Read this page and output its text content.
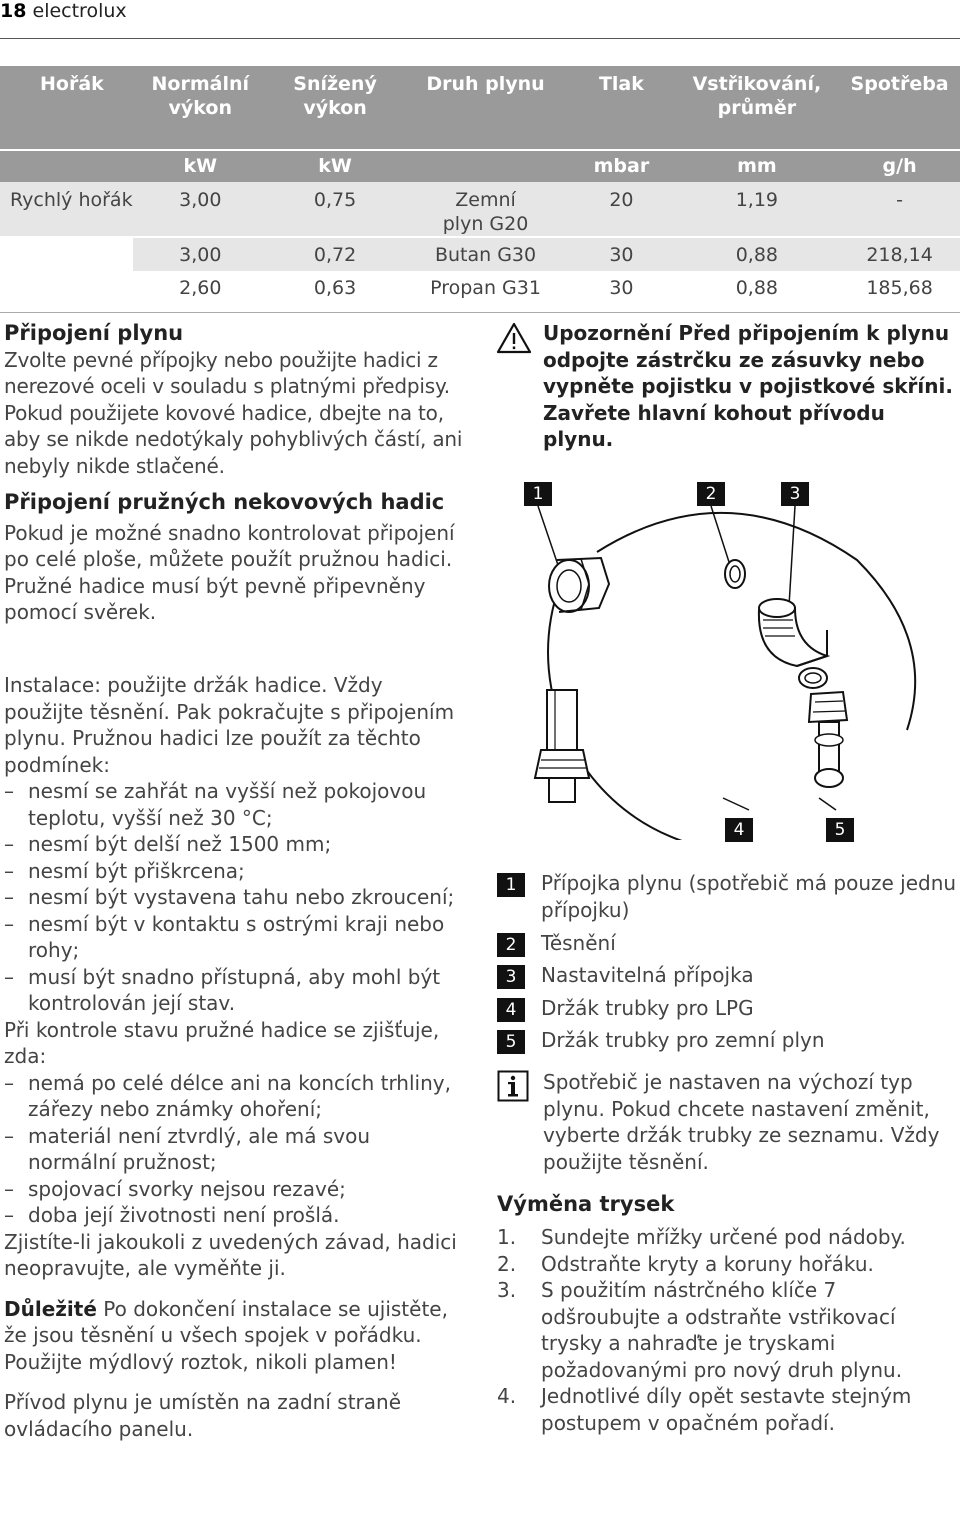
18 electrolux
Hořák	Normální výkon	Snížený výkon	Druh plynu	Tlak	Vstřikování, průměr	Spotřeba
	kW	kW		mbar	mm	g/h
Rychlý hořák	3,00	0,75	Zemní plyn G20	20	1,19	-
	3,00	0,72	Butan G30	30	0,88	218,14
	2,60	0,63	Propan G31	30	0,88	185,68
Připojení plynu
Zvolte pevné přípojky nebo použijte hadici z nerezové oceli v souladu s platnými předpisy. Pokud použijete kovové hadice, dbejte na to, aby se nikde nedotýkaly pohyblivých částí, ani nebyly nikde stlačené.
Připojení pružných nekovových hadic
Pokud je možné snadno kontrolovat připojení po celé ploše, můžete použít pružnou hadici. Pružné hadice musí být pevně připevněny pomocí svěrek.
Instalace: použijte držák hadice. Vždy použijte těsnění. Pak pokračujte s připojením plynu. Pružnou hadici lze použít za těchto podmínek:
– nesmí se zahřát na vyšší než pokojovou teplotu, vyšší než 30 °C;
– nesmí být delší než 1500 mm;
– nesmí být přiškrcena;
– nesmí být vystavena tahu nebo zkroucení;
– nesmí být v kontaktu s ostrými kraji nebo rohy;
– musí být snadno přístupná, aby mohl být kontrolován její stav.
Při kontrole stavu pružné hadice se zjišťuje, zda:
– nemá po celé délce ani na koncích trhliny, zářezy nebo známky ohoření;
– materiál není ztvrdlý, ale má svou normální pružnost;
– spojovací svorky nejsou rezavé;
– doba její životnosti není prošlá.
Zjistíte-li jakoukoli z uvedených závad, hadici neopravujte, ale vyměňte ji.
Důležité Po dokončení instalace se ujistěte, že jsou těsnění u všech spojek v pořádku. Použijte mýdlový roztok, nikoli plamen!
Přívod plynu je umístěn na zadní straně ovládacího panelu.
Upozornění Před připojením k plynu odpojte zástrčku ze zásuvky nebo vypněte pojistku v pojistkové skříni. Zavřete hlavní kohout přívodu plynu.
1	2	3
4	5
1 Přípojka plynu (spotřebič má pouze jednu přípojku)
2 Těsnění
3 Nastavitelná přípojka
4 Držák trubky pro LPG
5 Držák trubky pro zemní plyn
Spotřebič je nastaven na výchozí typ plynu. Pokud chcete nastavení změnit, vyberte držák trubky ze seznamu. Vždy použijte těsnění.
Výměna trysek
1. Sundejte mřížky určené pod nádoby.
2. Odstraňte kryty a koruny hořáku.
3. S použitím nástrčného klíče 7 odšroubujte a odstraňte vstřikovací trysky a nahraďte je tryskami požadovanými pro nový druh plynu.
4. Jednotlivé díly opět sestavte stejným postupem v opačném pořadí.
